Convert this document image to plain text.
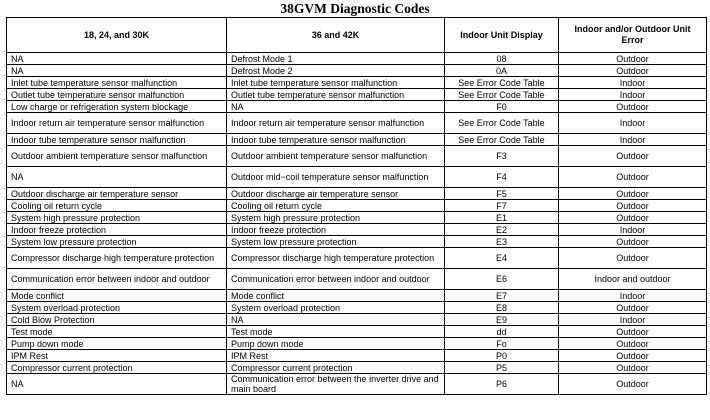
38GVM Diagnostic Codes
18, 24, and 30K	36 and 42K	Indoor Unit Display	Indoor and/or Outdoor Unit Error
NA	Defrost Mode 1	08	Outdoor
NA	Defrost Mode 2	0A	Outdoor
Inlet tube temperature sensor malfunction	Inlet tube temperature sensor malfunction	See Error Code Table	Indoor
Outlet tube temperature sensor malfunction	Outlet tube temperature sensor malfunction	See Error Code Table	Indoor
Low charge or refrigeration system blockage	NA	F0	Outdoor
Indoor return air temperature sensor malfunction	Indoor return air temperature sensor malfunction	See Error Code Table	Indoor
Indoor tube temperature sensor malfunction	Indoor tube temperature sensor malfunction	See Error Code Table	Indoor
Outdoor ambient temperature sensor malfunction	Outdoor ambient temperature sensor malfunction	F3	Outdoor
NA	Outdoor mid−coil temperature sensor malfunction	F4	Outdoor
Outdoor discharge air temperature sensor	Outdoor discharge air temperature sensor	F5	Outdoor
Cooling oil return cycle	Cooling oil return cycle	F7	Outdoor
System high pressure protection	System high pressure protection	E1	Outdoor
Indoor freeze protection	Indoor freeze protection	E2	Indoor
System low pressure protection	System low pressure protection	E3	Outdoor
Compressor discharge high temperature protection	Compressor discharge high temperature protection	E4	Outdoor
Communication error between indoor and outdoor	Communication error between indoor and outdoor	E6	Indoor and outdoor
Mode conflict	Mode conflict	E7	Indoor
System overload protection	System overload protection	E8	Outdoor
Cold Blow Protection	NA	E9	Indoor
Test mode	Test mode	dd	Outdoor
Pump down mode	Pump down mode	Fo	Outdoor
IPM Rest	IPM Rest	P0	Outdoor
Compressor current protection	Compressor current protection	P5	Outdoor
NA	Communication error between the inverter drive and main board	P6	Outdoor
